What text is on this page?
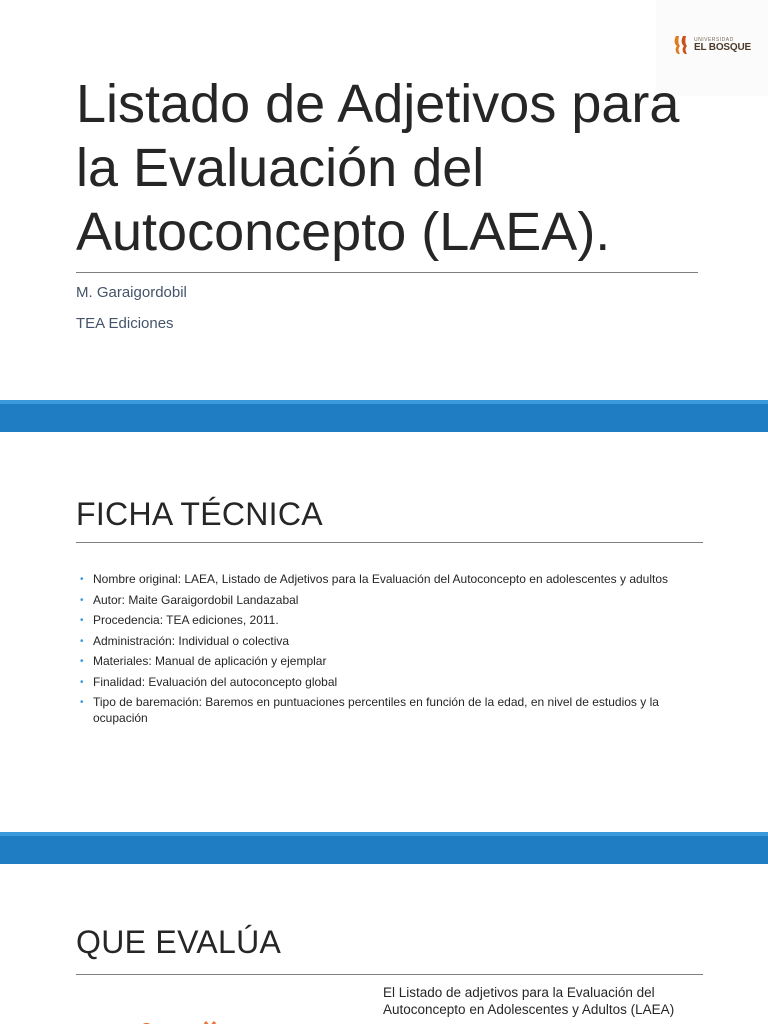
UNIVERSIDAD
EL BOSQUE
Listado de Adjetivos para la Evaluación del Autoconcepto (LAEA).
M. Garaigordobil
TEA Ediciones
FICHA TÉCNICA
• Nombre original: LAEA, Listado de Adjetivos para la Evaluación del Autoconcepto en adolescentes y adultos
• Autor: Maite Garaigordobil Landazabal
• Procedencia: TEA ediciones, 2011.
• Administración: Individual o colectiva
• Materiales: Manual de aplicación y ejemplar
• Finalidad: Evaluación del autoconcepto global
• Tipo de baremación: Baremos en puntuaciones percentiles en función de la edad, en nivel de estudios y la ocupación
QUE EVALÚA
El Listado de adjetivos para la Evaluación del Autoconcepto en Adolescentes y Adultos (LAEA)
